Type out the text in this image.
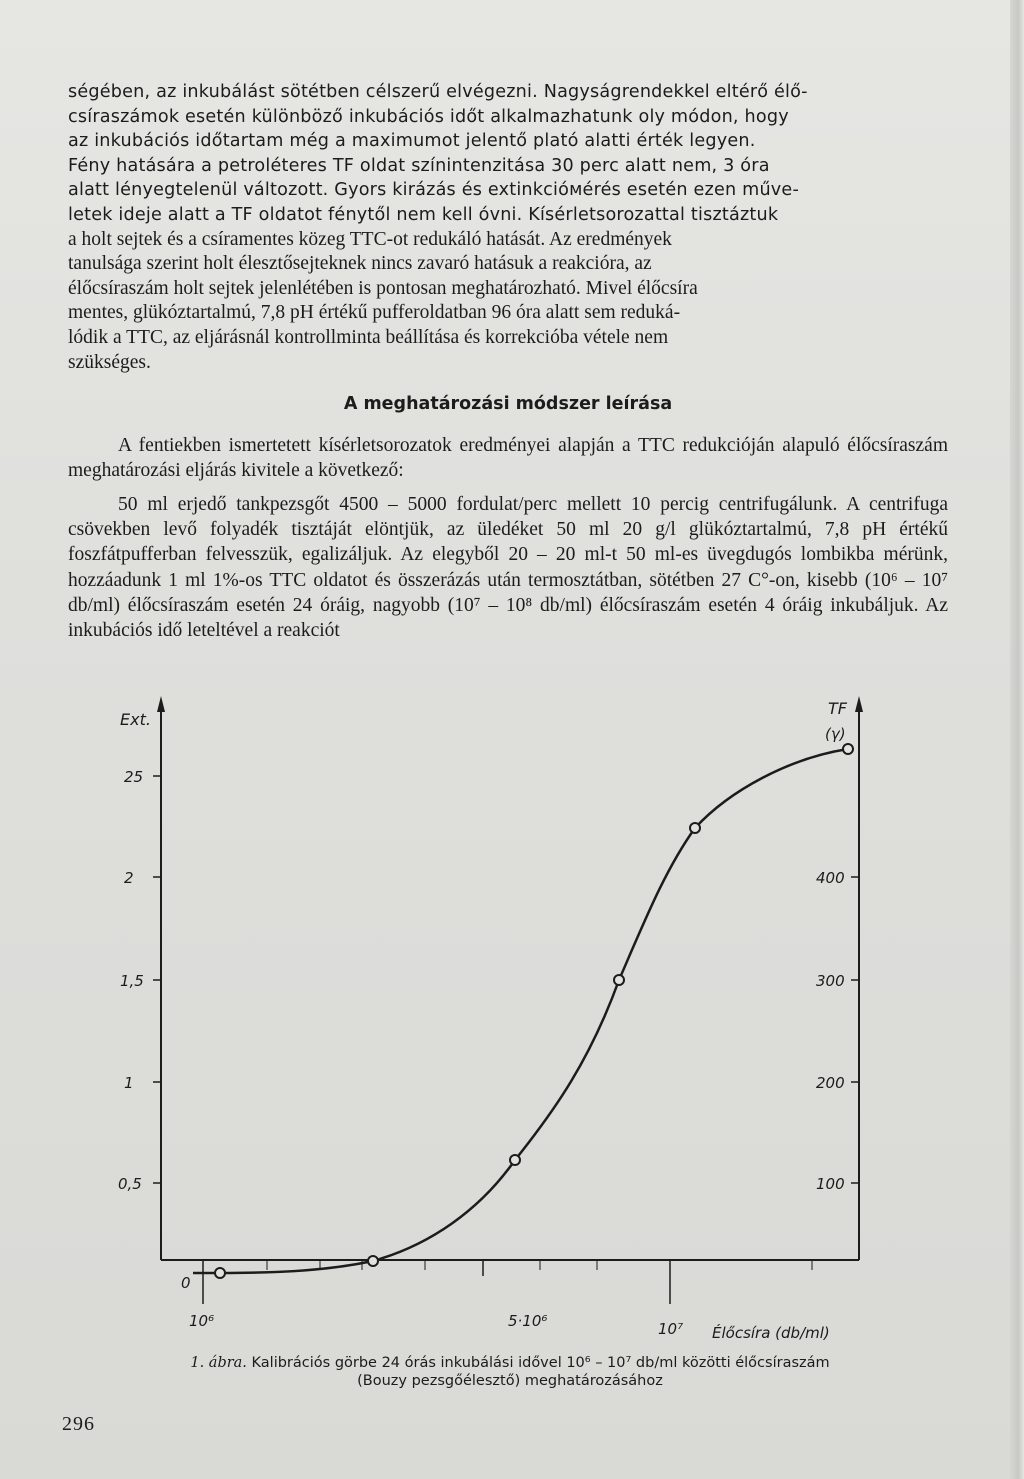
ségében, az inkubálást sötétben célszerű elvégezni. Nagyságrendekkel eltérő élő-

csíraszámok esetén különböző inkubációs időt alkalmazhatunk oly módon, hogy

az inkubációs időtartam még a maximumot jelentő plató alatti érték legyen.

Fény hatására a petroléteres TF oldat színintenzitása 30 perc alatt nem, 3 óra

alatt lényegtelenül változott. Gyors kirázás és extinkcióмérés esetén ezen műve-

letek ideje alatt a TF oldatot fénytől nem kell óvni. Kísérletsorozattal tisztáztuk

a holt sejtek és a csíramentes közeg TTC-ot redukáló hatását. Az eredmények

tanulsága szerint holt élesztősejteknek nincs zavaró hatásuk a reakcióra, az

élőcsíraszám holt sejtek jelenlétében is pontosan meghatározható. Mivel élőcsíra

mentes, glükóztartalmú, 7,8 pH értékű pufferoldatban 96 óra alatt sem reduká-

lódik a TTC, az eljárásnál kontrollminta beállítása és korrekcióba vétele nem

szükséges.

A meghatározási módszer leírása

A fentiekben ismertetett kísérletsorozatok eredményei alapján a TTC redukcióján alapuló élőcsíraszám meghatározási eljárás kivitele a következő:

50 ml erjedő tankpezsgőt 4500 – 5000 fordulat/perc mellett 10 percig centrifugálunk. A centrifuga csövekben levő folyadék tisztáját elöntjük, az üledéket 50 ml 20 g/l glükóztartalmú, 7,8 pH értékű foszfátpufferban felvesszük, egalizáljuk. Az elegyből 20 – 20 ml-t 50 ml-es üvegdugós lombikba mérünk, hozzáadunk 1 ml 1%-os TTC oldatot és összerázás után termosztátban, sötétben 27 C°-on, kisebb (10⁶ – 10⁷ db/ml) élőcsíraszám esetén 24 óráig, nagyobb (10⁷ – 10⁸ db/ml) élőcsíraszám esetén 4 óráig inkubáljuk. Az inkubációs idő leteltével a reakciót

Ext.
TF
(γ)
25
2
1,5
1
0,5
400
300
200
100
10⁶	5·10⁶	10⁷ Élőcsíra (db/ml)
0
1. ábra. Kalibrációs görbe 24 órás inkubálási idővel 10⁶ – 10⁷ db/ml közötti élőcsíraszám
(Bouzy pezsgőélesztő) meghatározásához
296
